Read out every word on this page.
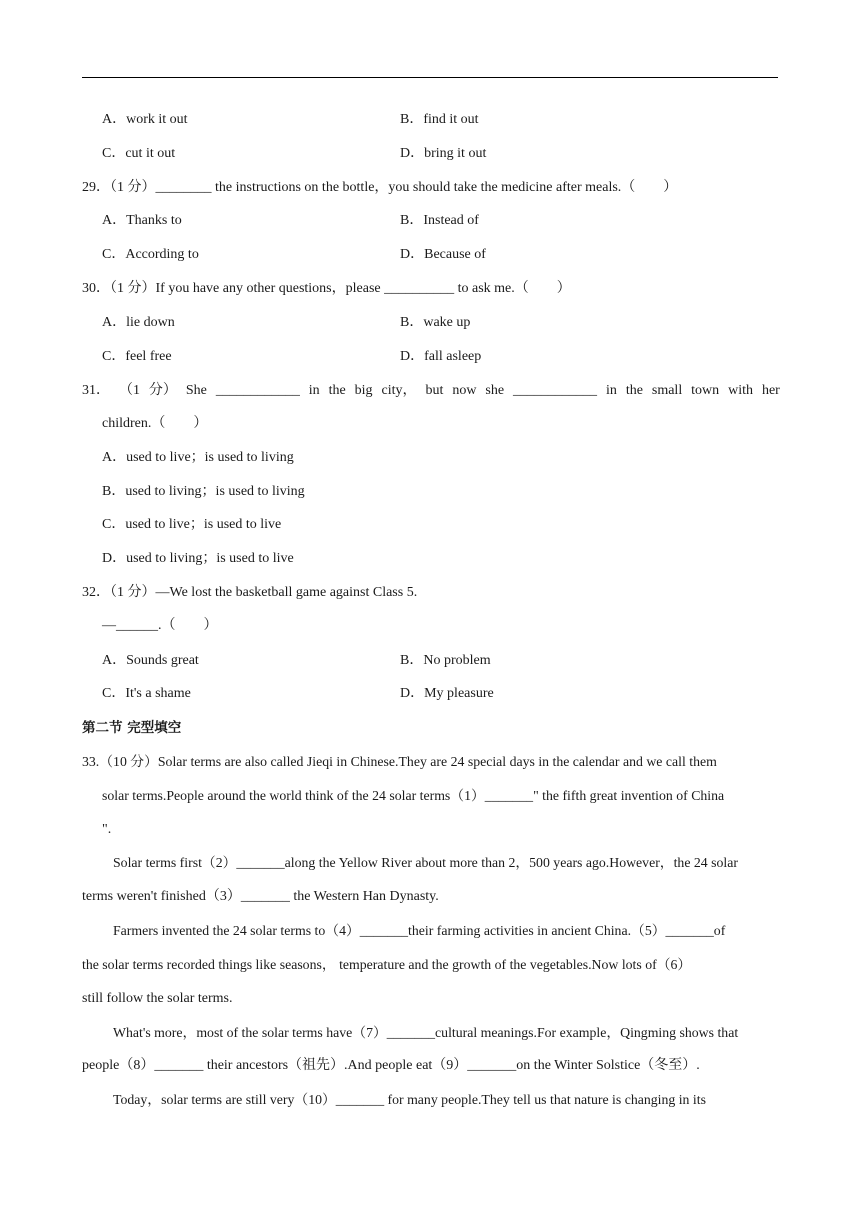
A．work it out	B．find it out
C．cut it out	D．bring it out
29．（1 分）________ the instructions on the bottle，you should take the medicine after meals.（　　）
A．Thanks to	B．Instead of
C．According to	D．Because of
30．（1 分）If you have any other questions，please __________ to ask me.（　　）
A．lie down	B．wake up
C．feel free	D．fall asleep
31． （1 分） She ____________ in the big city， but now she ____________ in the small town with her
children.（　　）
A．used to live；is used to living
B．used to living；is used to living
C．used to live；is used to live
D．used to living；is used to live
32．（1 分）—We lost the basketball game against Class 5.
—______.（　　）
A．Sounds great	B．No problem
C．It's a shame	D．My pleasure
第二节 完型填空
33.（10 分）Solar terms are also called Jieqi in Chinese.They are 24 special days in the calendar and we call them
solar terms.People around the world think of the 24 solar terms（1）_______" the fifth great invention of China
".
Solar terms first（2）_______along the Yellow River about more than 2，500 years ago.However，the 24 solar
terms weren't finished（3）_______ the Western Han Dynasty.
Farmers invented the 24 solar terms to（4）_______their farming activities in ancient China.（5）_______of
the solar terms recorded things like seasons， temperature and the growth of the vegetables.Now lots of（6）
still follow the solar terms.
What's more，most of the solar terms have（7）_______cultural meanings.For example，Qingming shows that
people（8）_______ their ancestors（祖先）.And people eat（9）_______on the Winter Solstice（冬至）.
Today，solar terms are still very（10）_______ for many people.They tell us that nature is changing in its
